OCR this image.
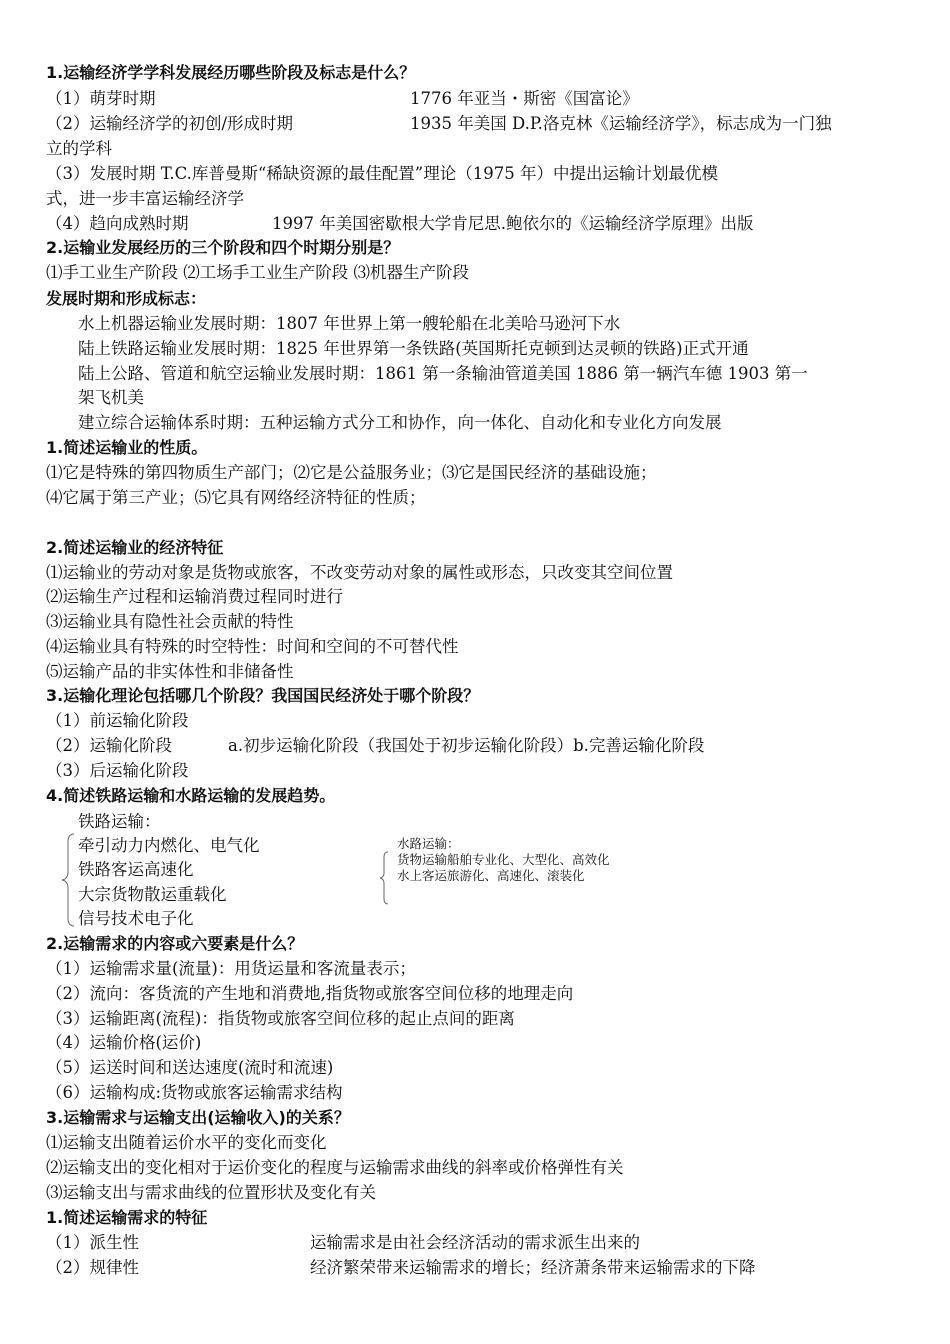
1.运输经济学学科发展经历哪些阶段及标志是什么？
（1）萌芽时期	1776 年亚当・斯密《国富论》
（2）运输经济学的初创/形成时期	1935 年美国 D.P.洛克林《运输经济学》，标志成为一门独
立的学科
（3）发展时期 T.C.库普曼斯“稀缺资源的最佳配置”理论（1975 年）中提出运输计划最优模
式，进一步丰富运输经济学
（4）趋向成熟时期	1997 年美国密歇根大学肯尼思.鲍依尔的《运输经济学原理》出版
2.运输业发展经历的三个阶段和四个时期分别是？
⑴手工业生产阶段 ⑵工场手工业生产阶段 ⑶机器生产阶段
发展时期和形成标志：
水上机器运输业发展时期：1807 年世界上第一艘轮船在北美哈马逊河下水
陆上铁路运输业发展时期：1825 年世界第一条铁路(英国斯托克顿到达灵顿的铁路)正式开通
陆上公路、管道和航空运输业发展时期：1861 第一条输油管道美国 1886 第一辆汽车德 1903 第一
架飞机美
建立综合运输体系时期：五种运输方式分工和协作，向一体化、自动化和专业化方向发展
1.简述运输业的性质。
⑴它是特殊的第四物质生产部门；⑵它是公益服务业；⑶它是国民经济的基础设施；
⑷它属于第三产业；⑸它具有网络经济特征的性质；
2.简述运输业的经济特征
⑴运输业的劳动对象是货物或旅客，不改变劳动对象的属性或形态，只改变其空间位置
⑵运输生产过程和运输消费过程同时进行
⑶运输业具有隐性社会贡献的特性
⑷运输业具有特殊的时空特性：时间和空间的不可替代性
⑸运输产品的非实体性和非储备性
3.运输化理论包括哪几个阶段？我国国民经济处于哪个阶段？
（1）前运输化阶段
（2）运输化阶段	a.初步运输化阶段（我国处于初步运输化阶段）b.完善运输化阶段
（3）后运输化阶段
4.简述铁路运输和水路运输的发展趋势。
铁路运输：
牵引动力内燃化、电气化
铁路客运高速化
大宗货物散运重载化
信号技术电子化
水路运输：
货物运输船舶专业化、大型化、高效化
水上客运旅游化、高速化、滚装化
2.运输需求的内容或六要素是什么？
（1）运输需求量(流量)：用货运量和客流量表示；
（2）流向：客货流的产生地和消费地,指货物或旅客空间位移的地理走向
（3）运输距离(流程)：指货物或旅客空间位移的起止点间的距离
（4）运输价格(运价)
（5）运送时间和送达速度(流时和流速)
（6）运输构成:货物或旅客运输需求结构
3.运输需求与运输支出(运输收入)的关系？
⑴运输支出随着运价水平的变化而变化
⑵运输支出的变化相对于运价变化的程度与运输需求曲线的斜率或价格弹性有关
⑶运输支出与需求曲线的位置形状及变化有关
1.简述运输需求的特征
（1）派生性	运输需求是由社会经济活动的需求派生出来的
（2）规律性	经济繁荣带来运输需求的增长；经济萧条带来运输需求的下降
